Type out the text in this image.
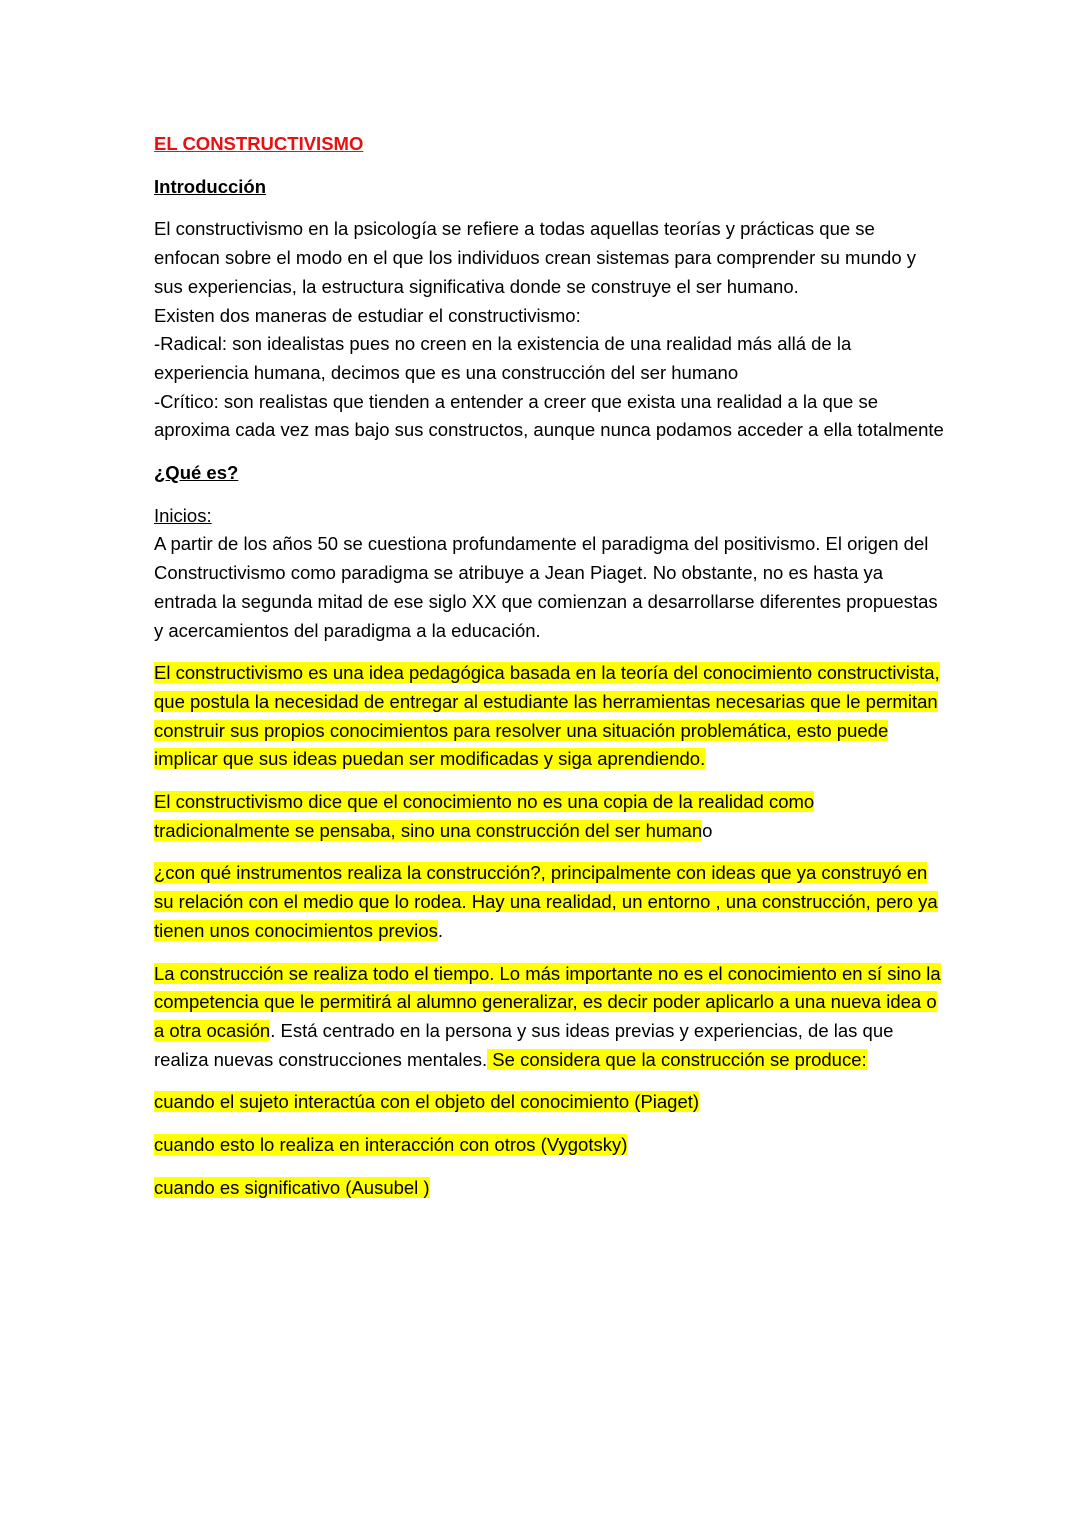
EL CONSTRUCTIVISMO

Introducción

El constructivismo en la psicología se refiere a todas aquellas teorías y prácticas que se enfocan sobre el modo en el que los individuos crean sistemas para comprender su mundo y sus experiencias, la estructura significativa donde se construye el ser humano.
Existen dos maneras de estudiar el constructivismo:
-Radical: son idealistas pues no creen en la existencia de una realidad más allá de la experiencia humana, decimos que es una construcción del ser humano
-Crítico: son realistas que tienden a entender a creer que exista una realidad a la que se aproxima cada vez mas bajo sus constructos, aunque nunca podamos acceder a ella totalmente

¿Qué es?

Inicios:
A partir de los años 50 se cuestiona profundamente el paradigma del positivismo. El origen del Constructivismo como paradigma se atribuye a Jean Piaget. No obstante, no es hasta ya entrada la segunda mitad de ese siglo XX que comienzan a desarrollarse diferentes propuestas y acercamientos del paradigma a la educación.

El constructivismo es una idea pedagógica basada en la teoría del conocimiento constructivista, que postula la necesidad de entregar al estudiante las herramientas necesarias que le permitan construir sus propios conocimientos para resolver una situación problemática, esto puede implicar que sus ideas puedan ser modificadas y siga aprendiendo.

El constructivismo dice que el conocimiento no es una copia de la realidad como tradicionalmente se pensaba, sino una construcción del ser humano

¿con qué instrumentos realiza la construcción?, principalmente con ideas que ya construyó en su relación con el medio que lo rodea. Hay una realidad, un entorno , una construcción, pero ya tienen unos conocimientos previos.

La construcción se realiza todo el tiempo. Lo más importante no es el conocimiento en sí sino la competencia que le permitirá al alumno generalizar, es decir poder aplicarlo a una nueva idea o a otra ocasión. Está centrado en la persona y sus ideas previas y experiencias, de las que realiza nuevas construcciones mentales. Se considera que la construcción se produce:

cuando el sujeto interactúa con el objeto del conocimiento (Piaget)

cuando esto lo realiza en interacción con otros (Vygotsky)

cuando es significativo (Ausubel )
